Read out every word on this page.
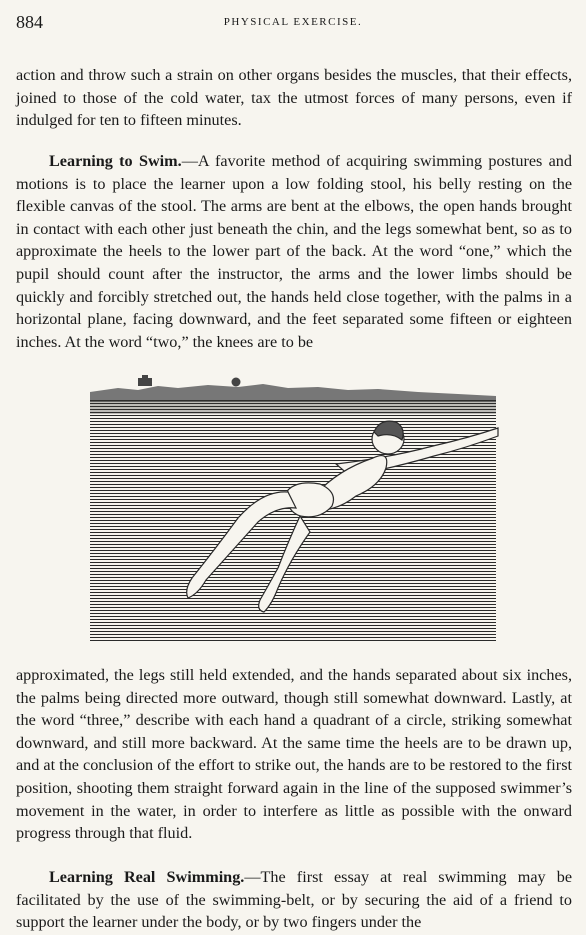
884	PHYSICAL EXERCISE.

action and throw such a strain on other organs besides the muscles, that their effects, joined to those of the cold water, tax the utmost forces of many persons, even if indulged for ten to fifteen minutes.

Learning to Swim.—A favorite method of acquiring swimming postures and motions is to place the learner upon a low folding stool, his belly resting on the flexible canvas of the stool. The arms are bent at the elbows, the open hands brought in contact with each other just beneath the chin, and the legs somewhat bent, so as to approximate the heels to the lower part of the back. At the word “one,” which the pupil should count after the instructor, the arms and the lower limbs should be quickly and forcibly stretched out, the hands held close together, with the palms in a horizontal plane, facing downward, and the feet separated some fifteen or eighteen inches. At the word “two,” the knees are to be

approximated, the legs still held extended, and the hands separated about six inches, the palms being directed more outward, though still somewhat downward. Lastly, at the word “three,” describe with each hand a quadrant of a circle, striking somewhat downward, and still more backward. At the same time the heels are to be drawn up, and at the conclusion of the effort to strike out, the hands are to be restored to the first position, shooting them straight forward again in the line of the supposed swimmer’s movement in the water, in order to interfere as little as possible with the onward progress through that fluid.

Learning Real Swimming.—The first essay at real swimming may be facilitated by the use of the swimming-belt, or by securing the aid of a friend to support the learner under the body, or by two fingers under the
